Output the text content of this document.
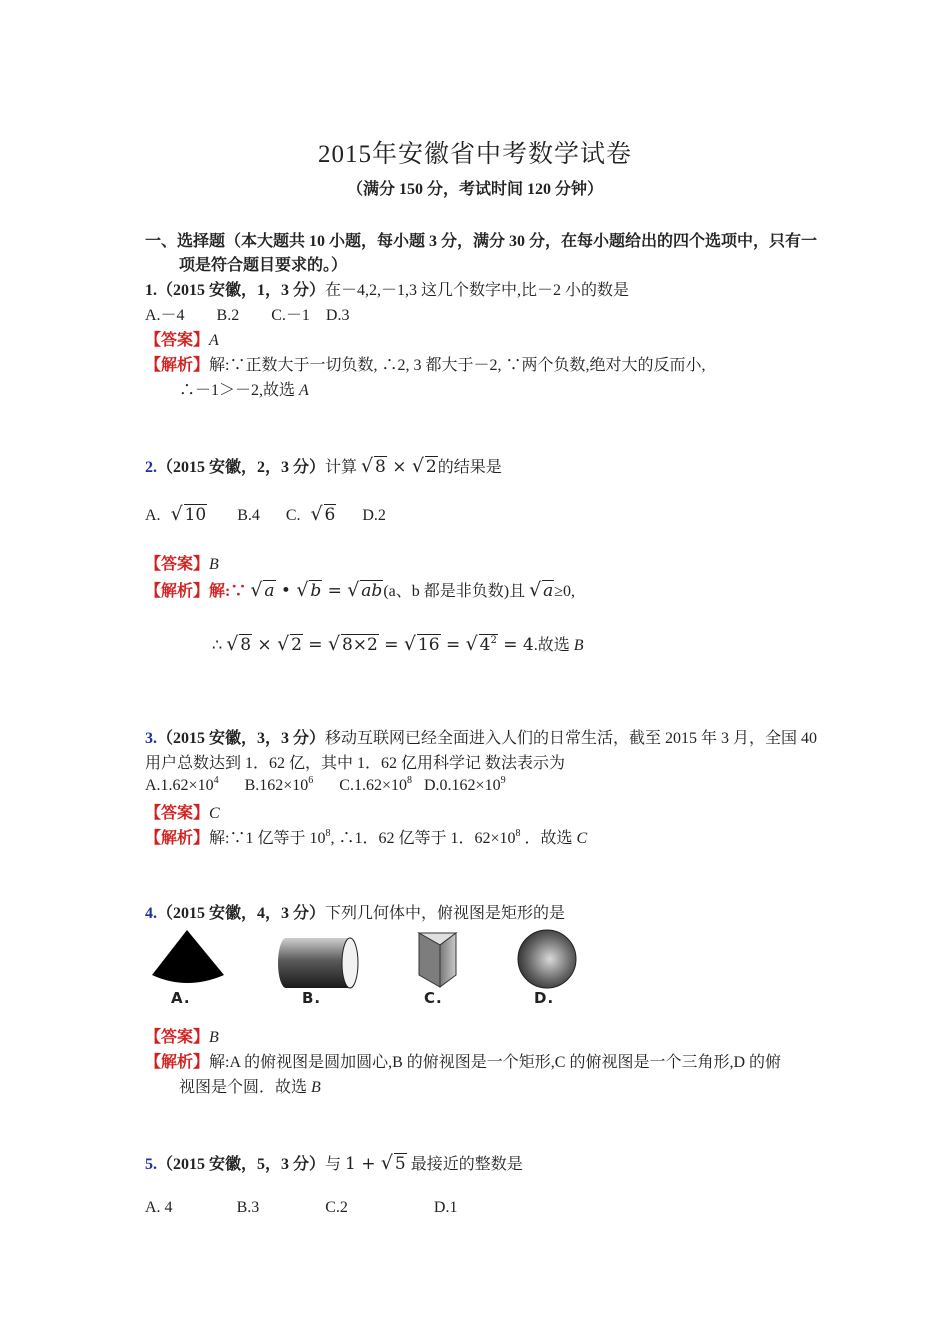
2015年安徽省中考数学试卷
（满分 150 分，考试时间 120 分钟）
一、选择题（本大题共 10 小题，每小题 3 分，满分 30 分，在每小题给出的四个选项中，只有一
项是符合题目要求的。）
1.（2015 安徽，1，3 分）在－4,2,－1,3 这几个数字中,比－2 小的数是
A.－4　　B.2　　C.－1　D.3
【答案】A
【解析】解:∵正数大于一切负数, ∴2, 3 都大于－2, ∵两个负数,绝对大的反而小,
∴－1＞－2,故选 A
2.（2015 安徽，2，3 分）计算 √ 8 × √ 2的结果是
A. √ 10 B.4 C. √ 6 D.2
【答案】B
【解析】解:∵ √ a • √ b = √ ab(a、b 都是非负数)且 √ a≥0,
∴ √ 8 × √ 2 = √ 8×2 = √ 16 = √ $4^2 = 4$.故选 B
3.（2015 安徽，3，3 分）移动互联网已经全面进入人们的日常生活，截至 2015 年 3 月，全国 40
用户总数达到 1．62 亿，其中 1．62 亿用科学记 数法表示为
$A.1.62\times 10^4$ $B.162\times 10^6$ $C.1.62\times 10^8$ $D.0.162\times 10^9$
【答案】C
【解析】解:∵1 亿等于 $10^8$, ∴1．62 亿等于 1．$62\times 10^8$ ．故选 C
4.（2015 安徽，4，3 分）下列几何体中，俯视图是矩形的是
A.	B.	C.	D.
【答案】B
【解析】解:A 的俯视图是圆加圆心,B 的俯视图是一个矩形,C 的俯视图是一个三角形,D 的俯
视图是个圆．故选 B
5.（2015 安徽，5，3 分）与 1 + √ 5 最接近的整数是
A. 4	B.3	C.2	D.1
